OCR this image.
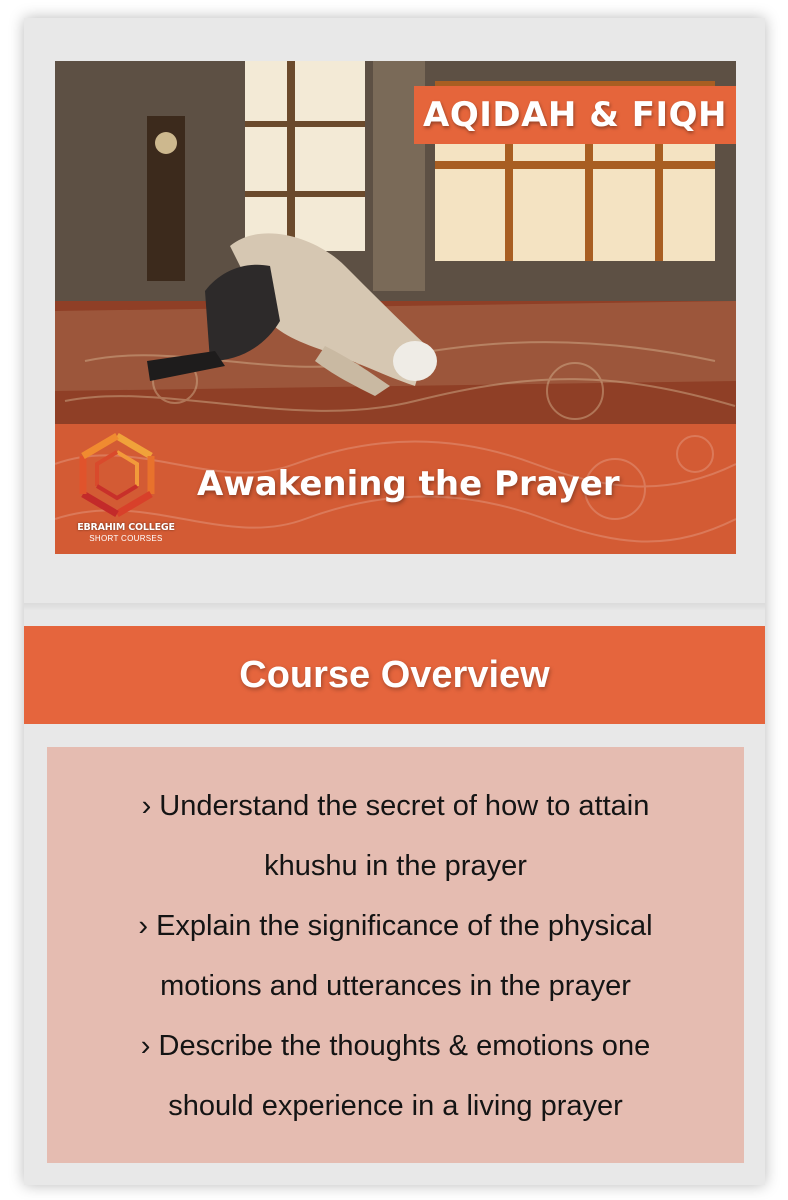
AQIDAH & FIQH
EBRAHIM COLLEGE
SHORT COURSES
Awakening the Prayer
Course Overview
› Understand the secret of how to attain khushu in the prayer
› Explain the significance of the physical motions and utterances in the prayer
› Describe the thoughts & emotions one should experience in a living prayer
